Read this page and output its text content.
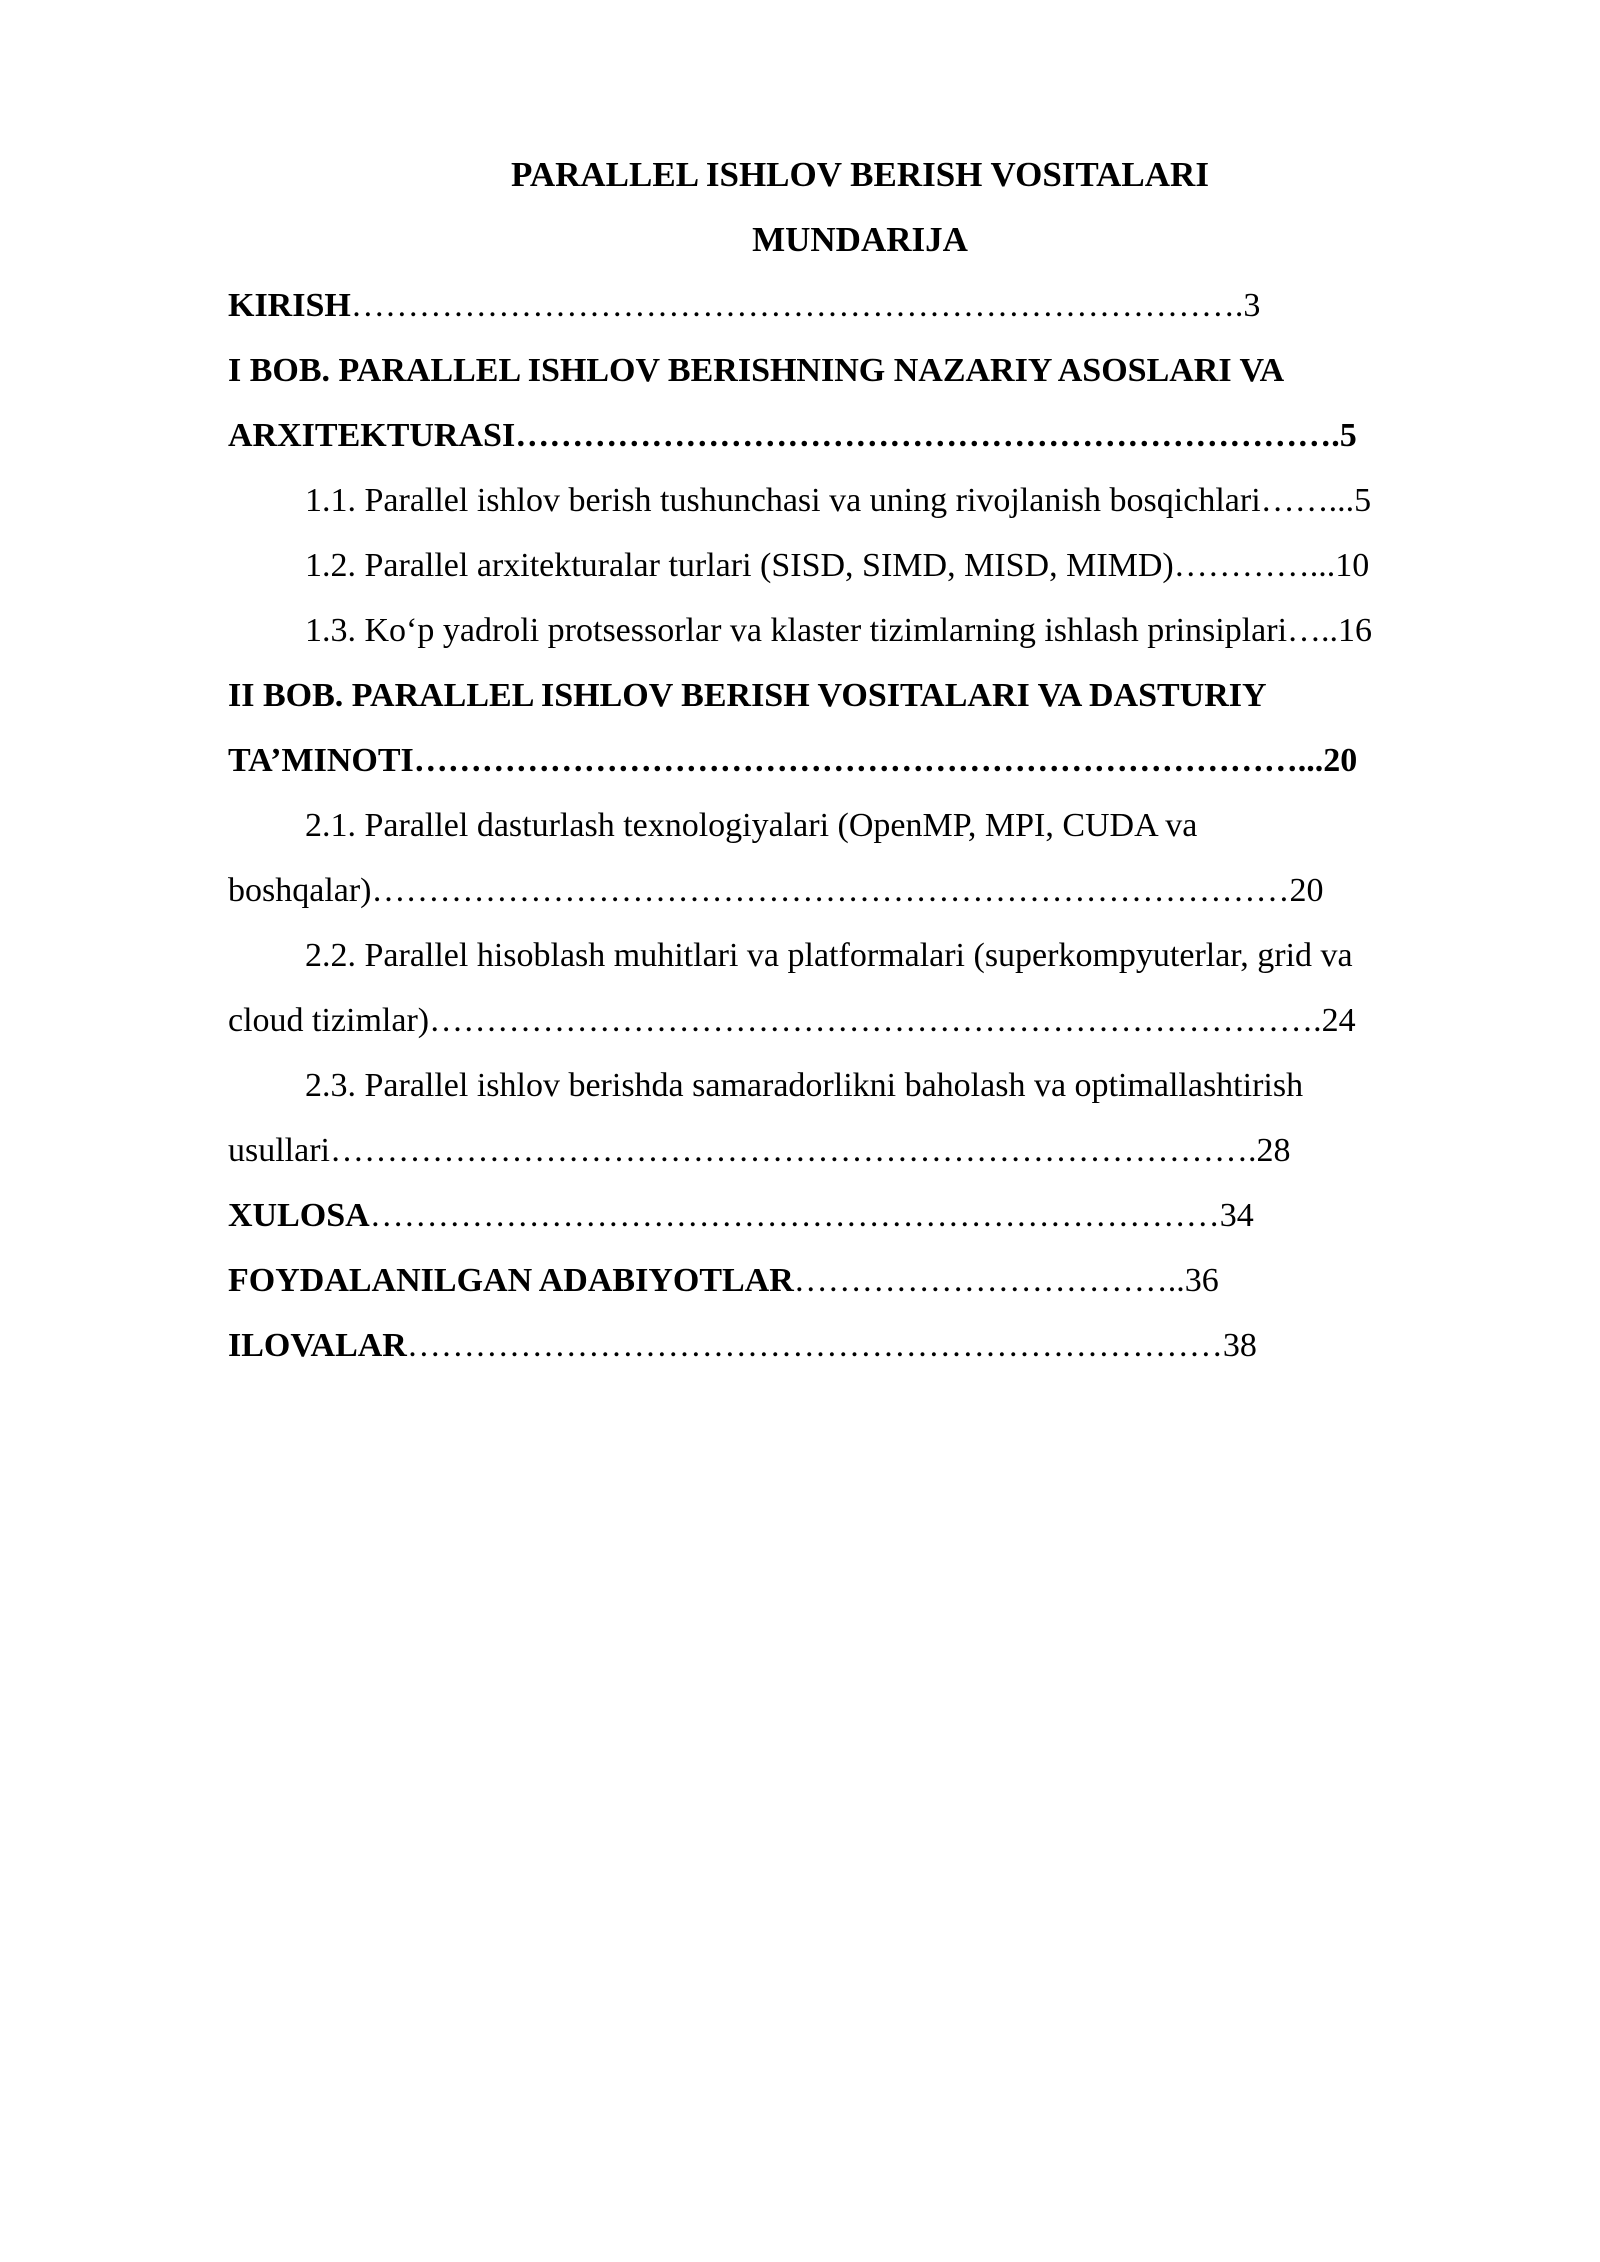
PARALLEL ISHLOV BERISH VOSITALARI
MUNDARIJA
KIRISH…………………………………………………………………….3
I BOB. PARALLEL ISHLOV BERISHNING NAZARIY ASOSLARI VA
ARXITEKTURASI……………………………………………………………….5
1.1. Parallel ishlov berish tushunchasi va uning rivojlanish bosqichlari……...5
1.2. Parallel arxitekturalar turlari (SISD, SIMD, MISD, MIMD)…………...10
1.3. Ko‘p yadroli protsessorlar va klaster tizimlarning ishlash prinsiplari…..16
II BOB. PARALLEL ISHLOV BERISH VOSITALARI VA DASTURIY
TA’MINOTI……………………………………………………………………...20
2.1. Parallel dasturlash texnologiyalari (OpenMP, MPI, CUDA va
boshqalar)………………………………………………………………………20
2.2. Parallel hisoblash muhitlari va platformalari (superkompyuterlar, grid va
cloud tizimlar)…………………………………………………………………….24
2.3. Parallel ishlov berishda samaradorlikni baholash va optimallashtirish
usullari……………………………………………………………………….28
XULOSA…………………………………………………………………34
FOYDALANILGAN ADABIYOTLAR……………………………..36
ILOVALAR………………………………………………………………38
